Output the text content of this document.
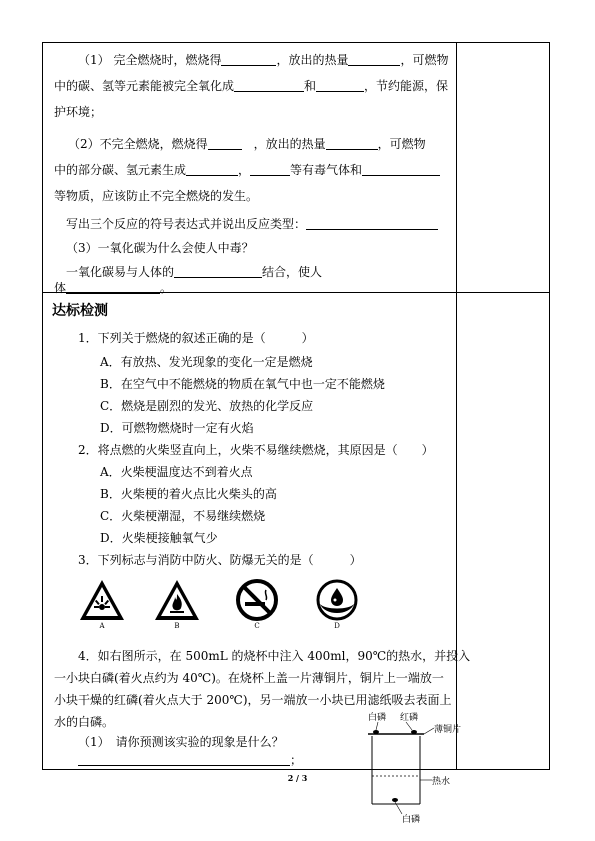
（1） 完全燃烧时，燃烧得	，放出的热量	，可燃物
中的碳、氢等元素能被完全氧化成	和	，节约能源，保
护环境；
（2）不完全燃烧，燃烧得	，放出的热量	，可燃物
中的部分碳、氢元素生成	，	等有毒气体和
等物质，应该防止不完全燃烧的发生。
写出三个反应的符号表达式并说出反应类型：
（3）一氧化碳为什么会使人中毒？
一氧化碳易与人体的	结合，使人
体	。
达标检测
1．下列关于燃烧的叙述正确的是（　　　）
A．有放热、发光现象的变化一定是燃烧
B．在空气中不能燃烧的物质在氧气中也一定不能燃烧
C．燃烧是剧烈的发光、放热的化学反应
D．可燃物燃烧时一定有火焰
2．将点燃的火柴竖直向上，火柴不易继续燃烧，其原因是（　　）
A．火柴梗温度达不到着火点
B．火柴梗的着火点比火柴头的高
C．火柴梗潮湿，不易继续燃烧
D．火柴梗接触氧气少
3．下列标志与消防中防火、防爆无关的是（　　　）
A	B	C	D
4．如右图所示，在 500mL 的烧杯中注入 400ml，90℃的热水，并投入
一小块白磷(着火点约为 40℃)。在烧杯上盖一片薄铜片，铜片上一端放一
小块干燥的红磷(着火点大于 200℃)，另一端放一小块已用滤纸吸去表面上
水的白磷。
（1）　请你预测该实验的现象是什么？
；
白磷 红磷
薄铜片
热水
白磷
2 / 3
